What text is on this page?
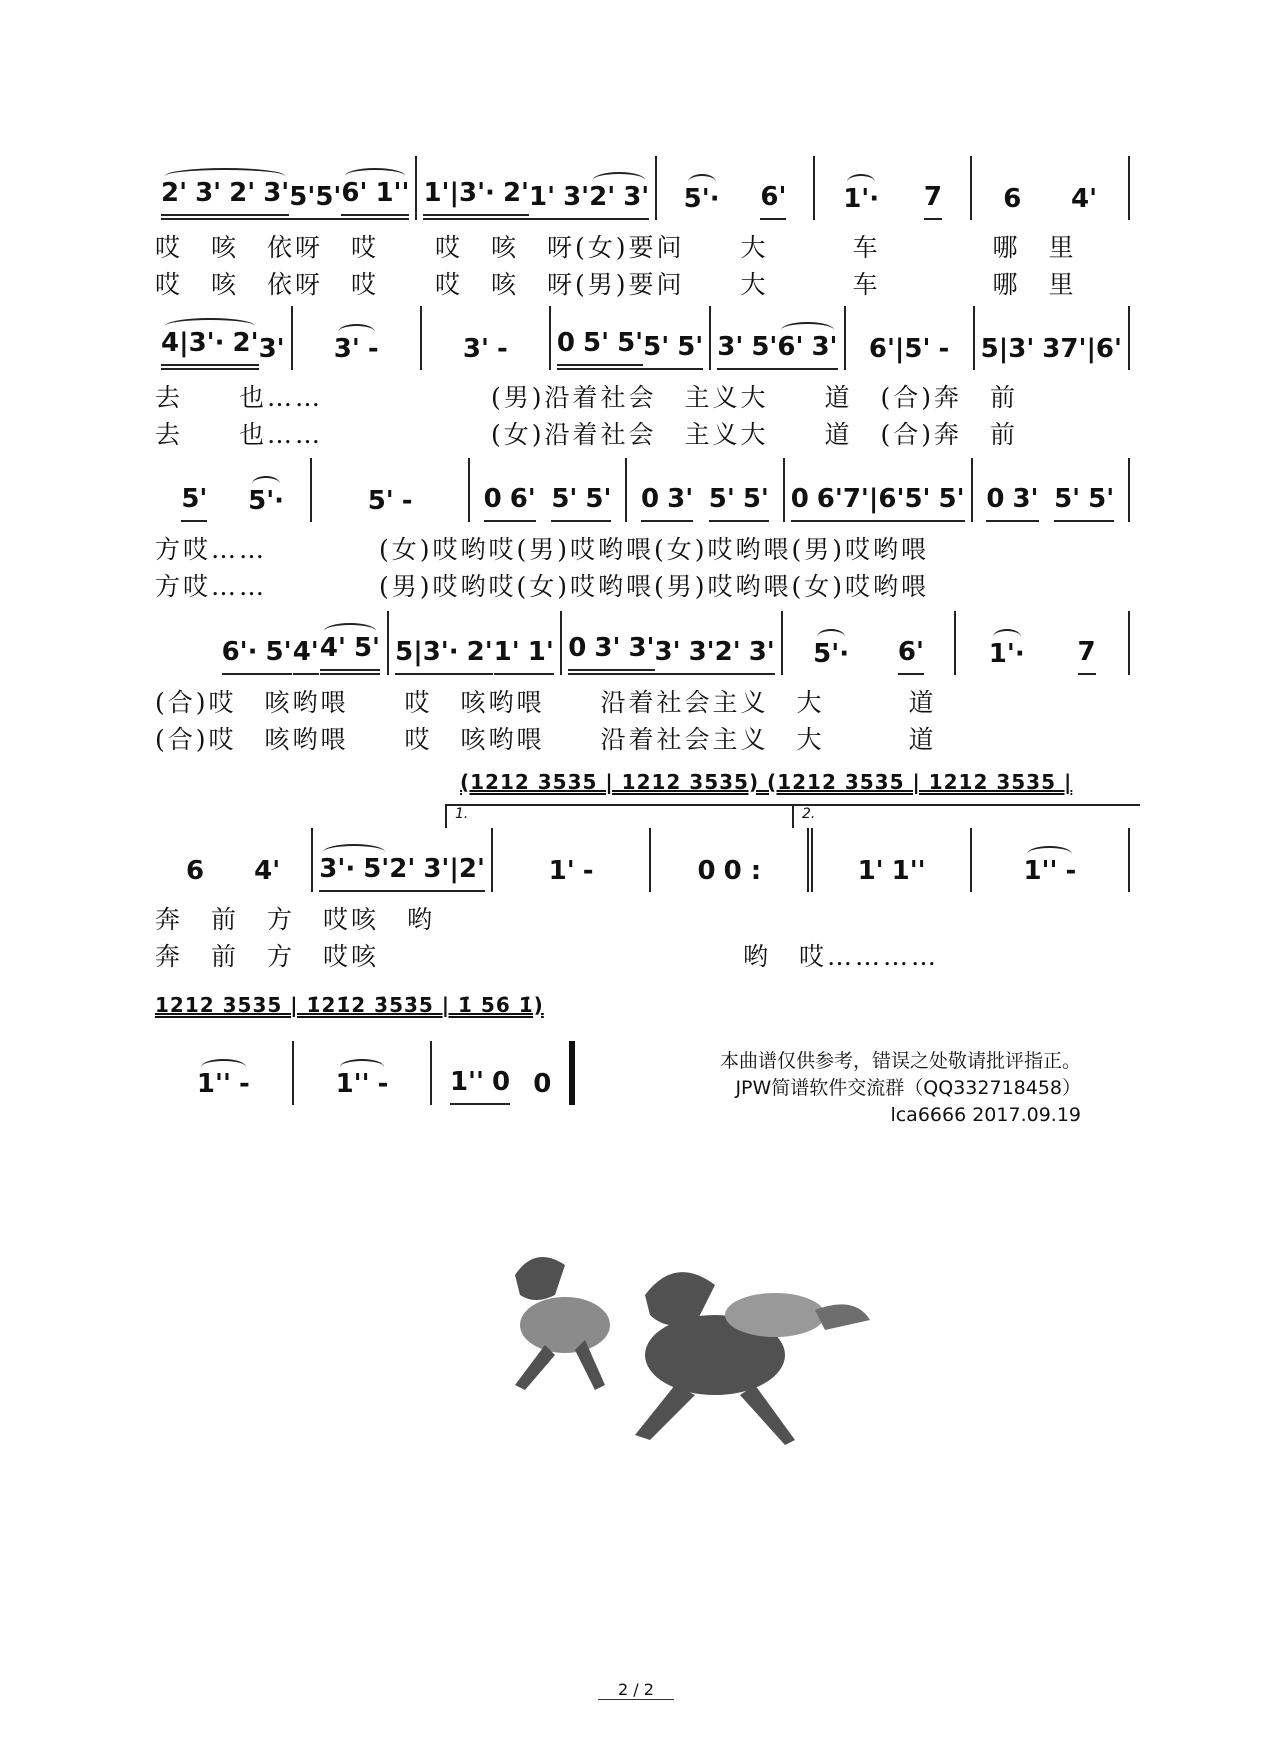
2' 3' 2' 3' 5' 5' 6' 1'' 1'|3'· 2' 1' 3' 2' 3' 5'· 6' 1'· 7 6 4'
哎　咳　依呀　哎　　哎　咳　呀(女)要问　　大　　　车　　　　哪　里
哎　咳　依呀　哎　　哎　咳　呀(男)要问　　大　　　车　　　　哪　里
4|3'· 2' 3' 3' -	3' - 0 5' 5' 5' 5' 3' 5' 6' 3' 6'|5' - 5|3' 37'|6'
去　　也……　　　　　　(男)沿着社会　主义大　　道　(合)奔　前
去　　也……　　　　　　(女)沿着社会　主义大　　道　(合)奔　前
5' 5'·	5' -	0 6' 5' 5' 0 3' 5' 5' 0 6'7'|6' 5' 5' 0 3' 5' 5'
方哎……　　　　(女)哎哟哎(男)哎哟喂(女)哎哟喂(男)哎哟喂
方哎……　　　　(男)哎哟哎(女)哎哟喂(男)哎哟喂(女)哎哟喂
6'· 5' 4' 4' 5' 5|3'· 2' 1' 1' 0 3' 3' 3' 3' 2' 3' 5'· 6' 1'· 7
(合)哎　咳哟喂　　哎　咳哟喂　　沿着社会主义　大　　　道
(合)哎　咳哟喂　　哎　咳哟喂　　沿着社会主义　大　　　道
6 4' 3'· 5' 2' 3'|2' 1' -	0 0 :	1' 1''	1'' -
奔　前　方　哎咳　哟
奔　前　方　哎咳　　　　　　　　　　　　　哟　哎…………
(1212 3535 | 1212 3535) (1212 3535 | 1212 3535 |
1.	2.
1'' -	1'' - 1'' 0 0
1212 3535 | 1̇21̇2 3̇53̇5 | 1̇ 56̇ 1̇)
本曲谱仅供参考，错误之处敬请批评指正。
JPW简谱软件交流群（QQ332718458）
lca6666 2017.09.19
2 / 2
